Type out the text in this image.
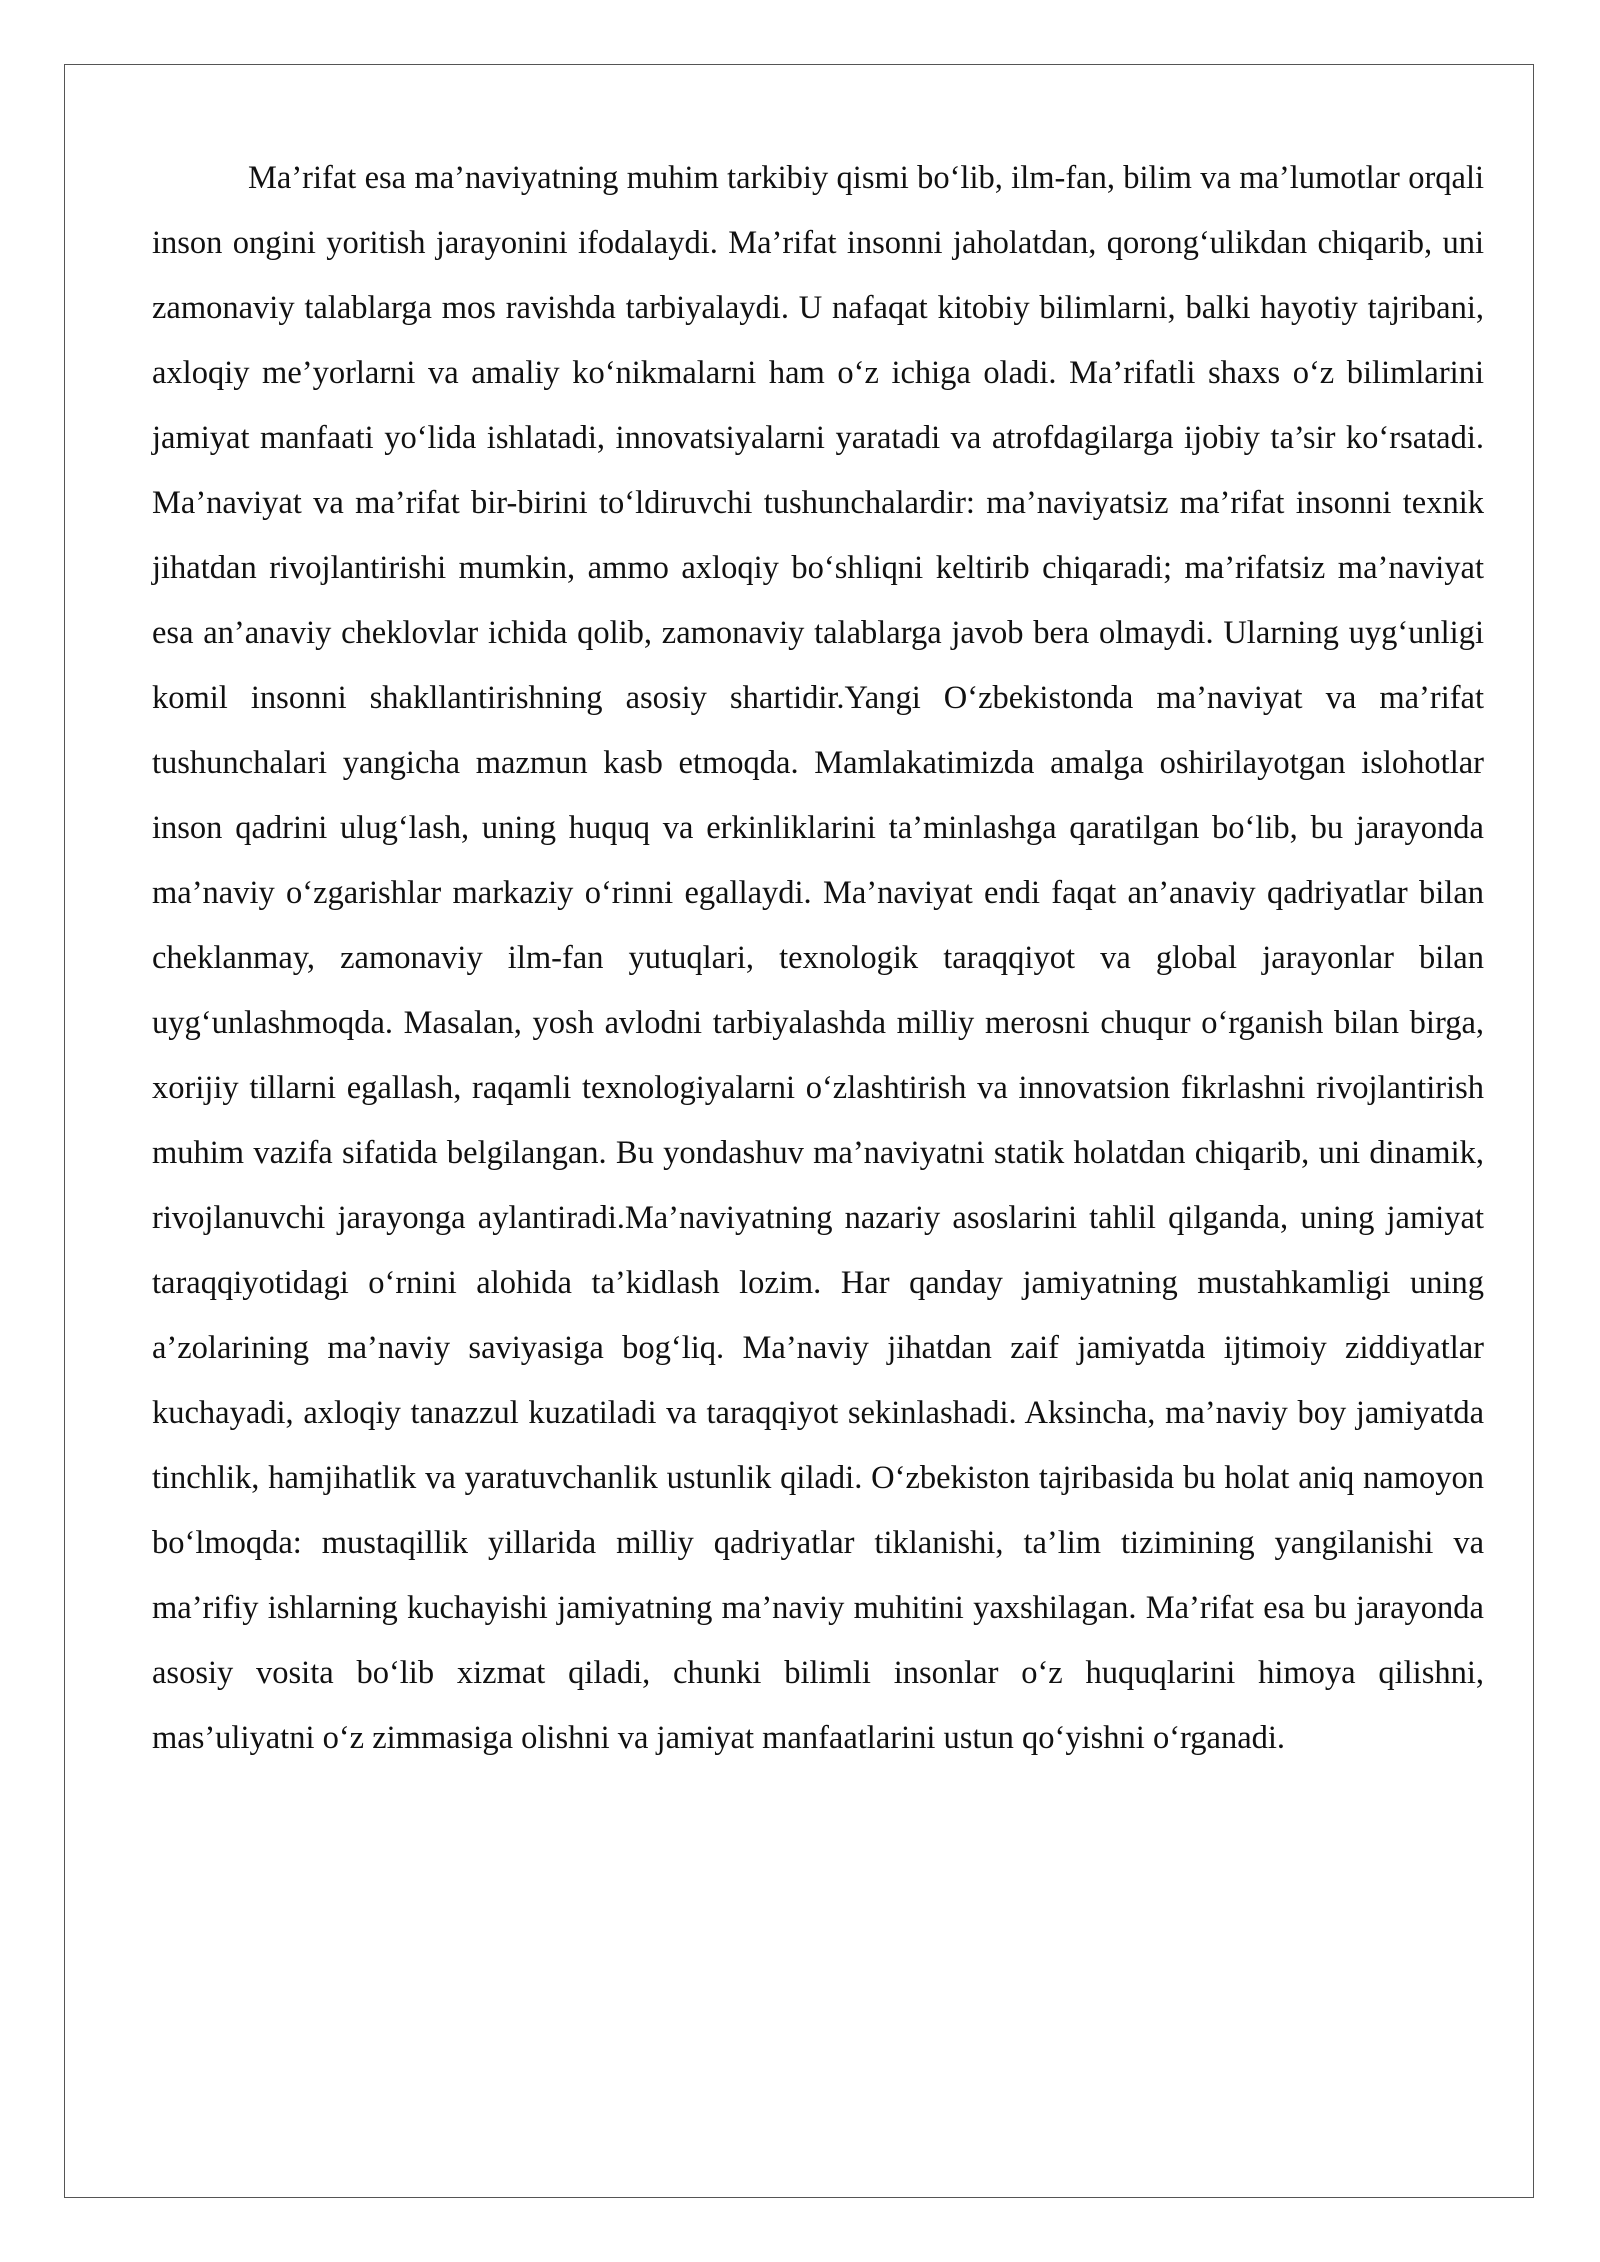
Ma’rifat esa ma’naviyatning muhim tarkibiy qismi bo‘lib, ilm-fan, bilim va ma’lumotlar orqali inson ongini yoritish jarayonini ifodalaydi. Ma’rifat insonni jaholatdan, qorong‘ulikdan chiqarib, uni zamonaviy talablarga mos ravishda tarbiyalaydi. U nafaqat kitobiy bilimlarni, balki hayotiy tajribani, axloqiy me’yorlarni va amaliy ko‘nikmalarni ham o‘z ichiga oladi. Ma’rifatli shaxs o‘z bilimlarini jamiyat manfaati yo‘lida ishlatadi, innovatsiyalarni yaratadi va atrofdagilarga ijobiy ta’sir ko‘rsatadi. Ma’naviyat va ma’rifat bir-birini to‘ldiruvchi tushunchalardir: ma’naviyatsiz ma’rifat insonni texnik jihatdan rivojlantirishi mumkin, ammo axloqiy bo‘shliqni keltirib chiqaradi; ma’rifatsiz ma’naviyat esa an’anaviy cheklovlar ichida qolib, zamonaviy talablarga javob bera olmaydi. Ularning uyg‘unligi komil insonni shakllantirishning asosiy shartidir.Yangi O‘zbekistonda ma’naviyat va ma’rifat tushunchalari yangicha mazmun kasb etmoqda. Mamlakatimizda amalga oshirilayotgan islohotlar inson qadrini ulug‘lash, uning huquq va erkinliklarini ta’minlashga qaratilgan bo‘lib, bu jarayonda ma’naviy o‘zgarishlar markaziy o‘rinni egallaydi. Ma’naviyat endi faqat an’anaviy qadriyatlar bilan cheklanmay, zamonaviy ilm-fan yutuqlari, texnologik taraqqiyot va global jarayonlar bilan uyg‘unlashmoqda. Masalan, yosh avlodni tarbiyalashda milliy merosni chuqur o‘rganish bilan birga, xorijiy tillarni egallash, raqamli texnologiyalarni o‘zlashtirish va innovatsion fikrlashni rivojlantirish muhim vazifa sifatida belgilangan. Bu yondashuv ma’naviyatni statik holatdan chiqarib, uni dinamik, rivojlanuvchi jarayonga aylantiradi.Ma’naviyatning nazariy asoslarini tahlil qilganda, uning jamiyat taraqqiyotidagi o‘rnini alohida ta’kidlash lozim. Har qanday jamiyatning mustahkamligi uning a’zolarining ma’naviy saviyasiga bog‘liq. Ma’naviy jihatdan zaif jamiyatda ijtimoiy ziddiyatlar kuchayadi, axloqiy tanazzul kuzatiladi va taraqqiyot sekinlashadi. Aksincha, ma’naviy boy jamiyatda tinchlik, hamjihatlik va yaratuvchanlik ustunlik qiladi. O‘zbekiston tajribasida bu holat aniq namoyon bo‘lmoqda: mustaqillik yillarida milliy qadriyatlar tiklanishi, ta’lim tizimining yangilanishi va ma’rifiy ishlarning kuchayishi jamiyatning ma’naviy muhitini yaxshilagan. Ma’rifat esa bu jarayonda asosiy vosita bo‘lib xizmat qiladi, chunki bilimli insonlar o‘z huquqlarini himoya qilishni, mas’uliyatni o‘z zimmasiga olishni va jamiyat manfaatlarini ustun qo‘yishni o‘rganadi.
